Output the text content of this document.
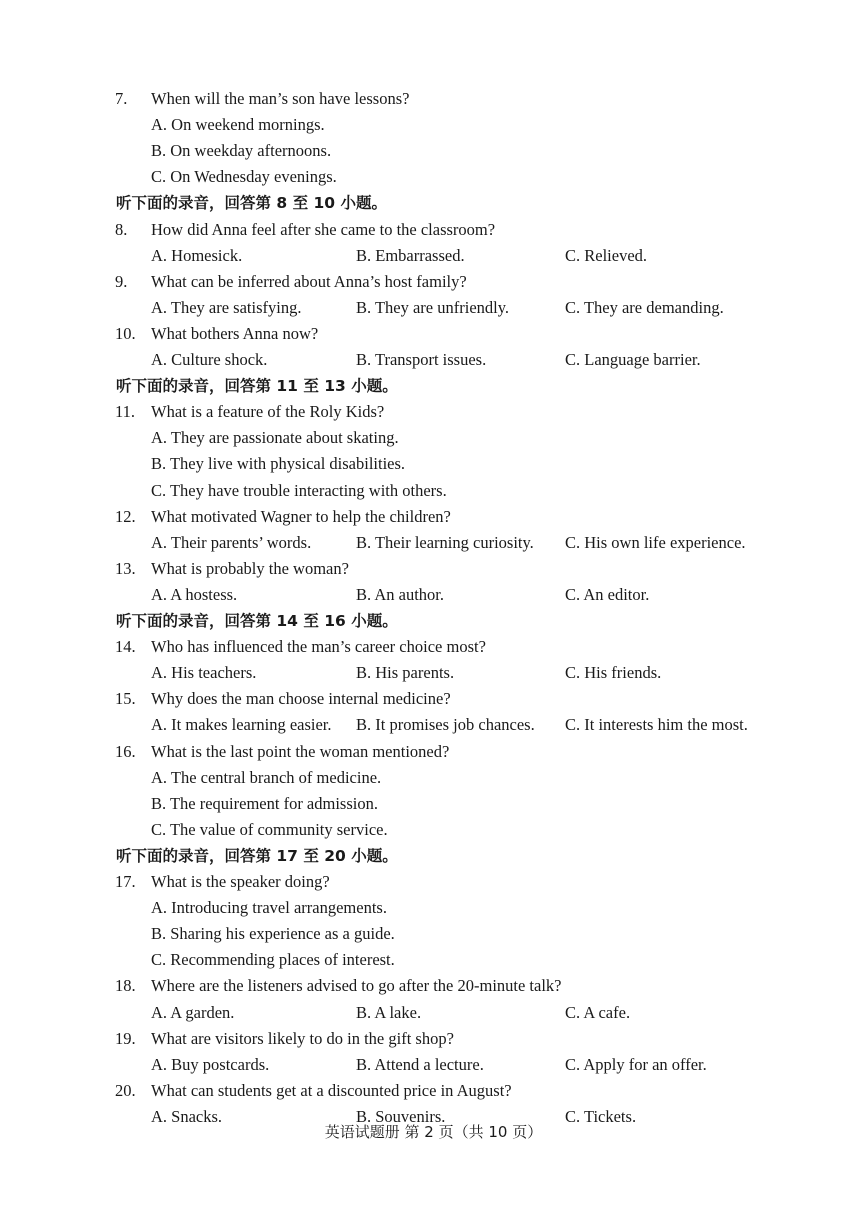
7. When will the man’s son have lessons?
A. On weekend mornings.
B. On weekday afternoons.
C. On Wednesday evenings.
听下面的录音，回答第 8 至 10 小题。
8. How did Anna feel after she came to the classroom?
A. Homesick.	B. Embarrassed.	C. Relieved.
9. What can be inferred about Anna’s host family?
A. They are satisfying.	B. They are unfriendly.	C. They are demanding.
10. What bothers Anna now?
A. Culture shock.	B. Transport issues.	C. Language barrier.
听下面的录音，回答第 11 至 13 小题。
11. What is a feature of the Roly Kids?
A. They are passionate about skating.
B. They live with physical disabilities.
C. They have trouble interacting with others.
12. What motivated Wagner to help the children?
A. Their parents’ words.	B. Their learning curiosity. C. His own life experience.
13. What is probably the woman?
A. A hostess.	B. An author.	C. An editor.
听下面的录音，回答第 14 至 16 小题。
14. Who has influenced the man’s career choice most?
A. His teachers.	B. His parents.	C. His friends.
15. Why does the man choose internal medicine?
A. It makes learning easier. B. It promises job chances. C. It interests him the most.
16. What is the last point the woman mentioned?
A. The central branch of medicine.
B. The requirement for admission.
C. The value of community service.
听下面的录音，回答第 17 至 20 小题。
17. What is the speaker doing?
A. Introducing travel arrangements.
B. Sharing his experience as a guide.
C. Recommending places of interest.
18. Where are the listeners advised to go after the 20-minute talk?
A. A garden.	B. A lake.	C. A cafe.
19. What are visitors likely to do in the gift shop?
A. Buy postcards.	B. Attend a lecture.	C. Apply for an offer.
20. What can students get at a discounted price in August?
A. Snacks.	B. Souvenirs.	C. Tickets.
英语试题册 第 2 页（共 10 页）
